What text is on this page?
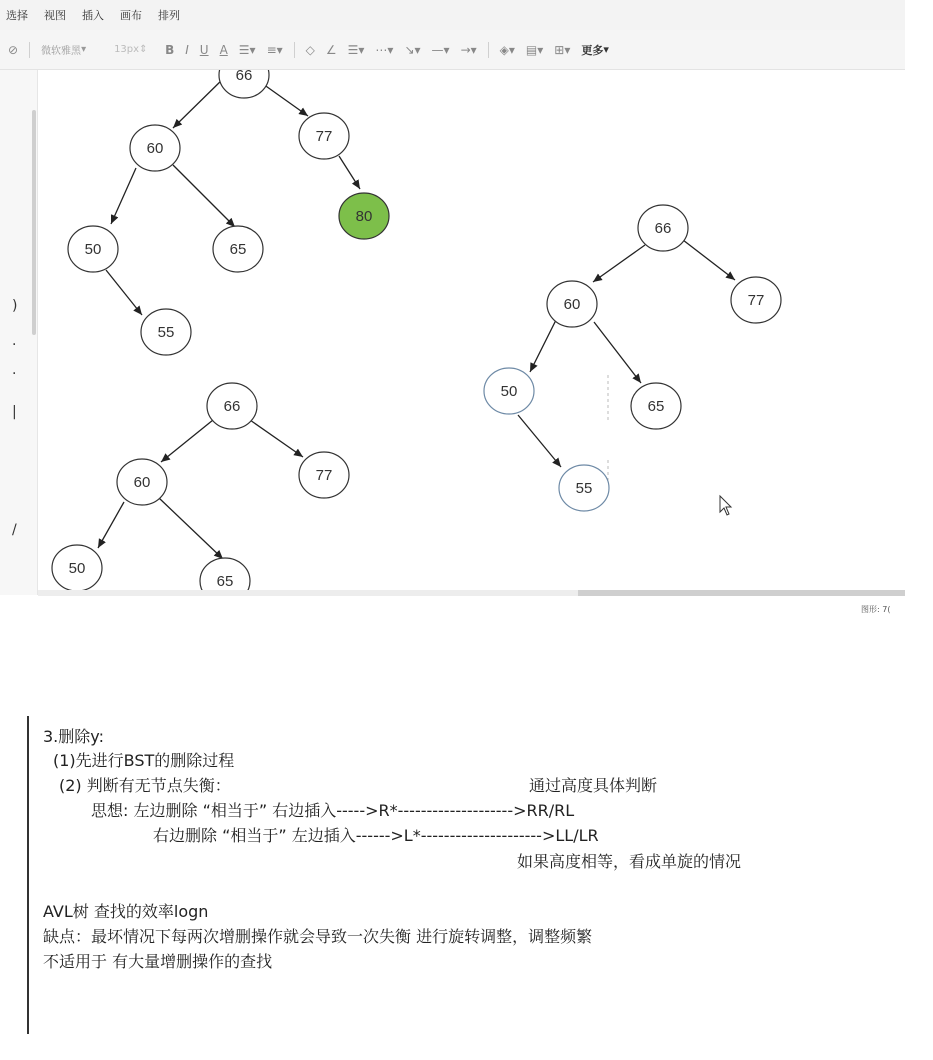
选择 视图 插入 画布 排列
⊘ 微软雅黑 ▾	13px ⇕	B I U A ☰▾ ≡▾ ◇ ∠ ☰▾ ⋯▾ ↘▾ —▾ →▾ ◈▾ ▤▾ ⊞▾ 更多 ▾
)
·
·
|
/
66
77
60
80
50	65
55
66
60	77
50
65
55
66
60	77
50
65
图形: 7(
3.删除y:
(1)先进行BST的删除过程
(2) 判断有无节点失衡：	通过高度具体判断
思想: 左边删除 “相当于” 右边插入----->R*-------------------->RR/RL
右边删除 “相当于” 左边插入------>L*--------------------->LL/LR
如果高度相等，看成单旋的情况
AVL树 查找的效率logn
缺点：最坏情况下每两次增删操作就会导致一次失衡 进行旋转调整，调整频繁
不适用于 有大量增删操作的查找
